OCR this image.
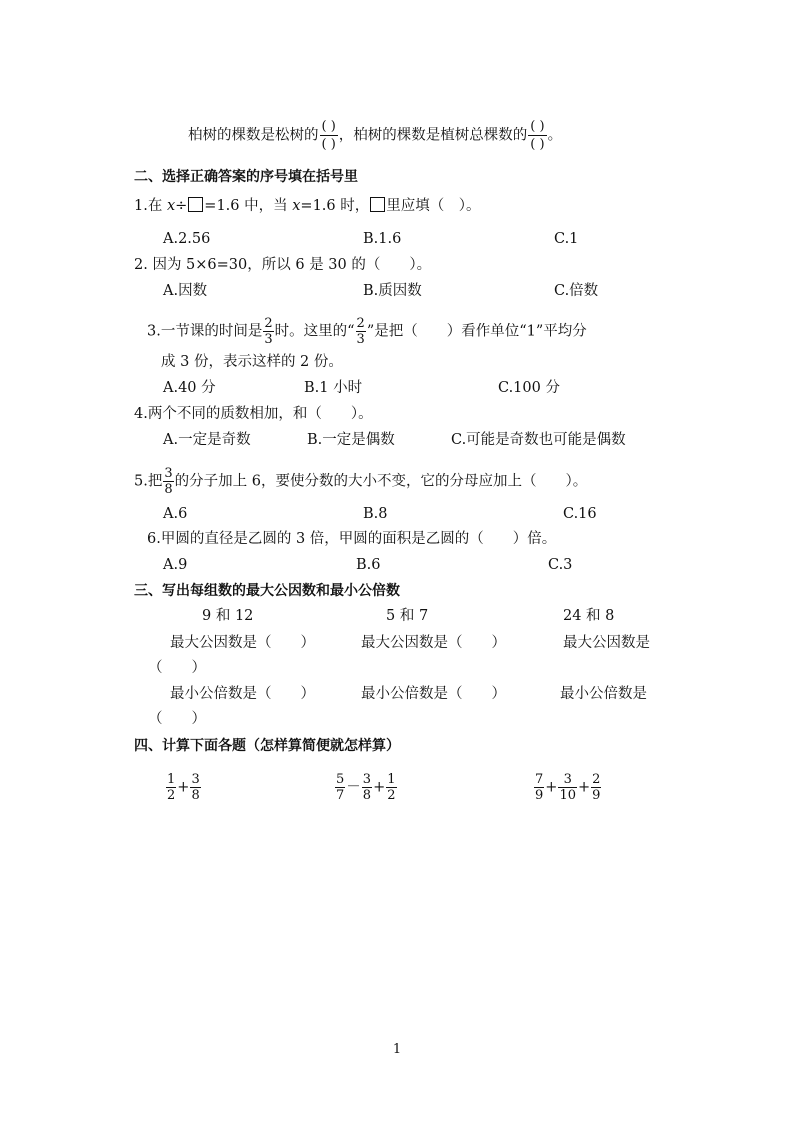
柏树的棵数是松树的 $\frac{( )}{( )}$ ，柏树的棵数是植树总棵数的 $\frac{( )}{( )}$ 。
二、选择正确答案的序号填在括号里
1.在 x÷ =1.6 中，当 x=1.6 时， 里应填（　）。
A.2.56	B.1.6	C.1
2. 因为 5×6=30，所以 6 是 30 的（　　）。
A.因数	B.质因数	C.倍数
3.一节课的时间是 $\frac{2}{3}$ 时。这里的“ $\frac{2}{3}$ ”是把（　　）看作单位“1”平均分
成 3 份，表示这样的 2 份。
A.40 分	B.1 小时	C.100 分
4.两个不同的质数相加，和（　　）。
A.一定是奇数	B.一定是偶数	C.可能是奇数也可能是偶数
5.把 $\frac{3}{8}$ 的分子加上 6，要使分数的大小不变，它的分母应加上（　　）。
A.6	B.8	C.16
6.甲圆的直径是乙圆的 3 倍，甲圆的面积是乙圆的（　　）倍。
A.9	B.6	C.3
三、写出每组数的最大公因数和最小公倍数
9 和 12	5 和 7	24 和 8
最大公因数是（　　）	最大公因数是（　　）	最大公因数是
（　　）
最小公倍数是（　　）	最小公倍数是（　　）	最小公倍数是
（　　）
四、计算下面各题（怎样算简便就怎样算）
$\frac{1}{2} + \frac{3}{8}$	$\frac{5}{7} - \frac{3}{8} + \frac{1}{2}$	$\frac{7}{9} + \frac{3}{10} + \frac{2}{9}$
1
